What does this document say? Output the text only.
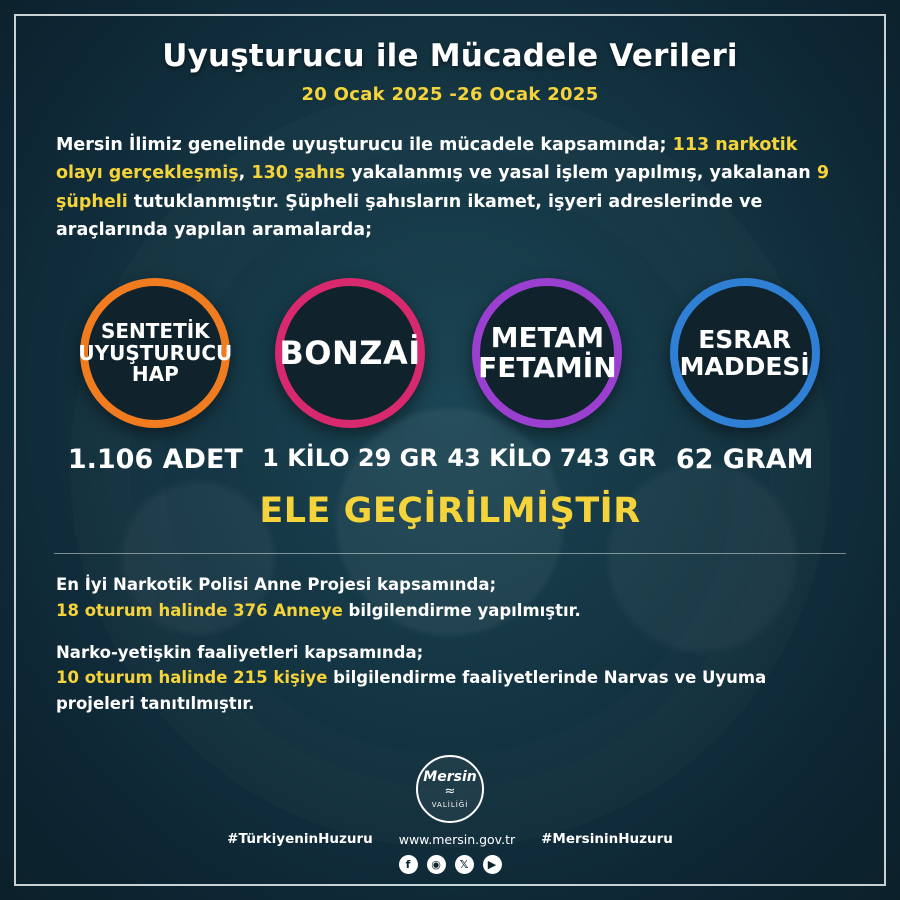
Uyuşturucu ile Mücadele Verileri
20 Ocak 2025 -26 Ocak 2025
Mersin İlimiz genelinde uyuşturucu ile mücadele kapsamında; 113 narkotik olayı gerçekleşmiş, 130 şahıs yakalanmış ve yasal işlem yapılmış, yakalanan 9 şüpheli tutuklanmıştır. Şüpheli şahısların ikamet, işyeri adreslerinde ve araçlarında yapılan aramalarda;
SENTETİK UYUŞTURUCU HAP
1.106 ADET
BONZAİ
1 KİLO 29 GR
METAM FETAMİN
43 KİLO 743 GR
ESRAR MADDESİ
62 GRAM
ELE GEÇİRİLMİŞTİR

En İyi Narkotik Polisi Anne Projesi kapsamında;
18 oturum halinde 376 Anneye bilgilendirme yapılmıştır.

Narko-yetişkin faaliyetleri kapsamında;
10 oturum halinde 215 kişiye bilgilendirme faaliyetlerinde Narvas ve Uyuma projeleri tanıtılmıştır.

Mersin
≈
VALİLİĞİ
#TürkiyeninHuzuru www.mersin.gov.tr #MersininHuzuru
f	◉	𝕏	▶
